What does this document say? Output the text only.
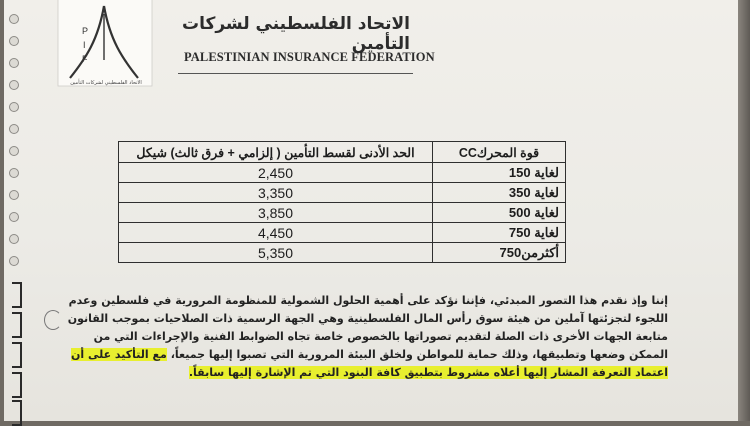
P
I
F
الاتحاد الفلسطيني لشركات التأمين
الاتحاد الفلسطيني لشركات التأمين
PALESTINIAN INSURANCE FEDERATION
قوة المحركCC	الحد الأدنى لقسط التأمين ( إلزامي + فرق ثالث) شيكل
لغاية 150	2,450
لغاية 350	3,350
لغاية 500	3,850
لغاية 750	4,450
أكثرمن750	5,350
إننا وإذ نقدم هذا التصور المبدئي، فإننا نؤكد على أهمية الحلول الشمولية للمنظومة المرورية في فلسطين وعدم
اللجوء لتجزئتها آملين من هيئة سوق رأس المال الفلسطينية وهي الجهة الرسمية ذات الصلاحيات بموجب القانون
متابعة الجهات الأخرى ذات الصلة لتقديم تصوراتها بالخصوص خاصة تجاه الضوابط الفنية والإجراءات التي من
الممكن وضعها وتطبيقها، وذلك حماية للمواطن ولخلق البيئة المرورية التي تصبوا إليها جميعاً، مع التأكيد على أن
اعتماد التعرفة المشار إليها أعلاه مشروط بتطبيق كافة البنود التي تم الإشارة إليها سابقاً.
